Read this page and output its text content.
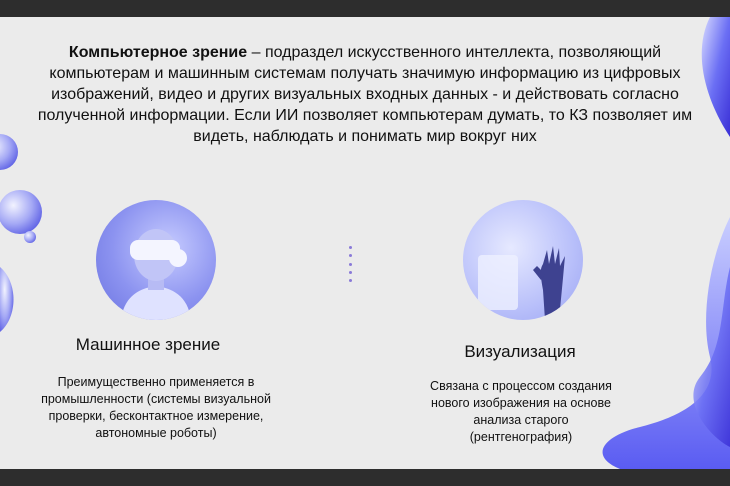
Компьютерное зрение – подраздел искусственного интеллекта, позволяющий компьютерам и машинным системам получать значимую информацию из цифровых изображений, видео и других визуальных входных данных - и действовать согласно полученной информации. Если ИИ позволяет компьютерам думать, то КЗ позволяет им видеть, наблюдать и понимать мир вокруг них
Машинное зрение
Преимущественно применяется в промышленности (системы визуальной проверки, бесконтактное измерение, автономные роботы)
Визуализация
Связана с процессом создания нового изображения на основе анализа старого (рентгенография)
